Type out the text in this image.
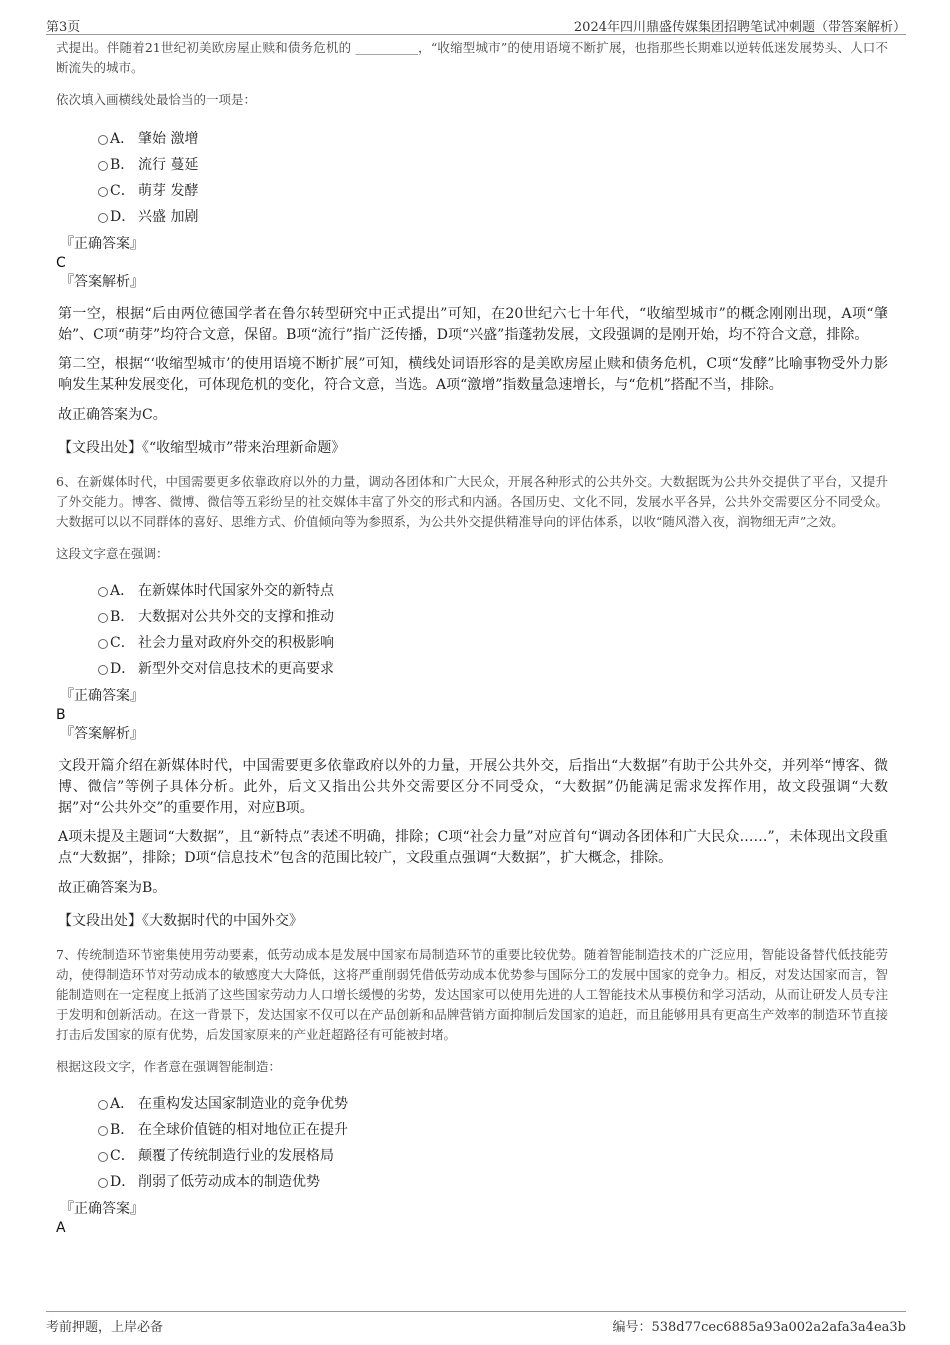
第3页	2024年四川鼎盛传媒集团招聘笔试冲刺题（带答案解析）

式提出。伴随着21世纪初美欧房屋止赎和债务危机的 __________，“收缩型城市”的使用语境不断扩展，也指那些长期难以逆转低迷发展势头、人口不断流失的城市。

依次填入画横线处最恰当的一项是：

A． 肇始 激增
B． 流行 蔓延
C． 萌芽 发酵
D． 兴盛 加剧

『正确答案』

C

『答案解析』

第一空，根据“后由两位德国学者在鲁尔转型研究中正式提出”可知，在20世纪六七十年代，“收缩型城市”的概念刚刚出现，A项“肇始”、C项“萌芽”均符合文意，保留。B项“流行”指广泛传播，D项“兴盛”指蓬勃发展，文段强调的是刚开始，均不符合文意，排除。

第二空，根据“‘收缩型城市’的使用语境不断扩展”可知，横线处词语形容的是美欧房屋止赎和债务危机，C项“发酵”比喻事物受外力影响发生某种发展变化，可体现危机的变化，符合文意，当选。A项“激增”指数量急速增长，与“危机”搭配不当，排除。

故正确答案为C。

【文段出处】《“收缩型城市”带来治理新命题》

6、在新媒体时代，中国需要更多依靠政府以外的力量，调动各团体和广大民众，开展各种形式的公共外交。大数据既为公共外交提供了平台，又提升了外交能力。博客、微博、微信等五彩纷呈的社交媒体丰富了外交的形式和内涵。各国历史、文化不同，发展水平各异，公共外交需要区分不同受众。大数据可以以不同群体的喜好、思维方式、价值倾向等为参照系，为公共外交提供精准导向的评估体系，以收“随风潜入夜，润物细无声”之效。

这段文字意在强调：

A． 在新媒体时代国家外交的新特点
B． 大数据对公共外交的支撑和推动
C． 社会力量对政府外交的积极影响
D． 新型外交对信息技术的更高要求

『正确答案』

B

『答案解析』

文段开篇介绍在新媒体时代，中国需要更多依靠政府以外的力量，开展公共外交，后指出“大数据”有助于公共外交，并列举“博客、微博、微信”等例子具体分析。此外，后文又指出公共外交需要区分不同受众，“大数据”仍能满足需求发挥作用，故文段强调“大数据”对“公共外交”的重要作用，对应B项。

A项未提及主题词“大数据”，且“新特点”表述不明确，排除；C项“社会力量”对应首句“调动各团体和广大民众……”，未体现出文段重点“大数据”，排除；D项“信息技术”包含的范围比较广，文段重点强调“大数据”，扩大概念，排除。

故正确答案为B。

【文段出处】《大数据时代的中国外交》

7、传统制造环节密集使用劳动要素，低劳动成本是发展中国家布局制造环节的重要比较优势。随着智能制造技术的广泛应用，智能设备替代低技能劳动，使得制造环节对劳动成本的敏感度大大降低，这将严重削弱凭借低劳动成本优势参与国际分工的发展中国家的竞争力。相反，对发达国家而言，智能制造则在一定程度上抵消了这些国家劳动力人口增长缓慢的劣势，发达国家可以使用先进的人工智能技术从事模仿和学习活动，从而让研发人员专注于发明和创新活动。在这一背景下，发达国家不仅可以在产品创新和品牌营销方面抑制后发国家的追赶，而且能够用具有更高生产效率的制造环节直接打击后发国家的原有优势，后发国家原来的产业赶超路径有可能被封堵。

根据这段文字，作者意在强调智能制造：

A． 在重构发达国家制造业的竞争优势
B． 在全球价值链的相对地位正在提升
C． 颠覆了传统制造行业的发展格局
D． 削弱了低劳动成本的制造优势

『正确答案』

A

考前押题，上岸必备	编号：538d77cec6885a93a002a2afa3a4ea3b
